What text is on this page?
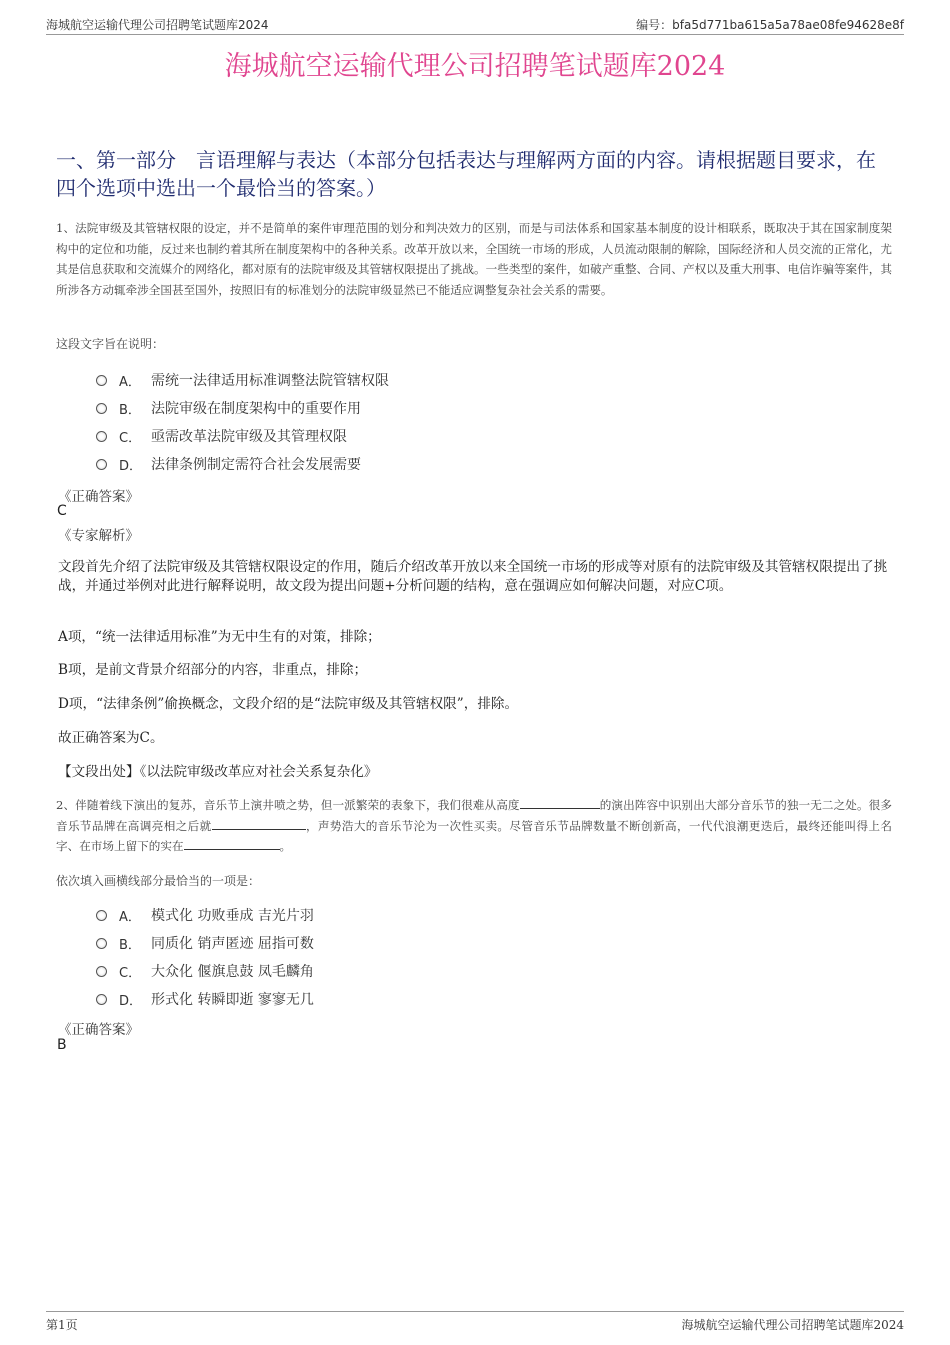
海城航空运输代理公司招聘笔试题库2024	编号：bfa5d771ba615a5a78ae08fe94628e8f
海城航空运输代理公司招聘笔试题库2024
一、第一部分　言语理解与表达（本部分包括表达与理解两方面的内容。请根据题目要求，在四个选项中选出一个最恰当的答案。）
1、法院审级及其管辖权限的设定，并不是简单的案件审理范围的划分和判决效力的区别，而是与司法体系和国家基本制度的设计相联系，既取决于其在国家制度架构中的定位和功能，反过来也制约着其所在制度架构中的各种关系。改革开放以来，全国统一市场的形成，人员流动限制的解除，国际经济和人员交流的正常化，尤其是信息获取和交流媒介的网络化，都对原有的法院审级及其管辖权限提出了挑战。一些类型的案件，如破产重整、合同、产权以及重大刑事、电信诈骗等案件，其所涉各方动辄牵涉全国甚至国外，按照旧有的标准划分的法院审级显然已不能适应调整复杂社会关系的需要。
这段文字旨在说明：
A． 需统一法律适用标准调整法院管辖权限
B． 法院审级在制度架构中的重要作用
C． 亟需改革法院审级及其管理权限
D． 法律条例制定需符合社会发展需要
《正确答案》
C
《专家解析》
文段首先介绍了法院审级及其管辖权限设定的作用，随后介绍改革开放以来全国统一市场的形成等对原有的法院审级及其管辖权限提出了挑战，并通过举例对此进行解释说明，故文段为提出问题+分析问题的结构，意在强调应如何解决问题，对应C项。
A项，“统一法律适用标准”为无中生有的对策，排除；
B项，是前文背景介绍部分的内容，非重点，排除；
D项，“法律条例”偷换概念，文段介绍的是“法院审级及其管辖权限”，排除。
故正确答案为C。
【文段出处】《以法院审级改革应对社会关系复杂化》
2、伴随着线下演出的复苏，音乐节上演井喷之势，但一派繁荣的表象下，我们很难从高度	的演出阵容中识别出大部分音乐节的独一无二之处。很多音乐节品牌在高调亮相之后就	，声势浩大的音乐节沦为一次性买卖。尽管音乐节品牌数量不断创新高，一代代浪潮更迭后，最终还能叫得上名字、在市场上留下的实在	。
依次填入画横线部分最恰当的一项是：
A． 模式化 功败垂成 吉光片羽
B． 同质化 销声匿迹 屈指可数
C． 大众化 偃旗息鼓 凤毛麟角
D． 形式化 转瞬即逝 寥寥无几
《正确答案》
B
第1页	海城航空运输代理公司招聘笔试题库2024
